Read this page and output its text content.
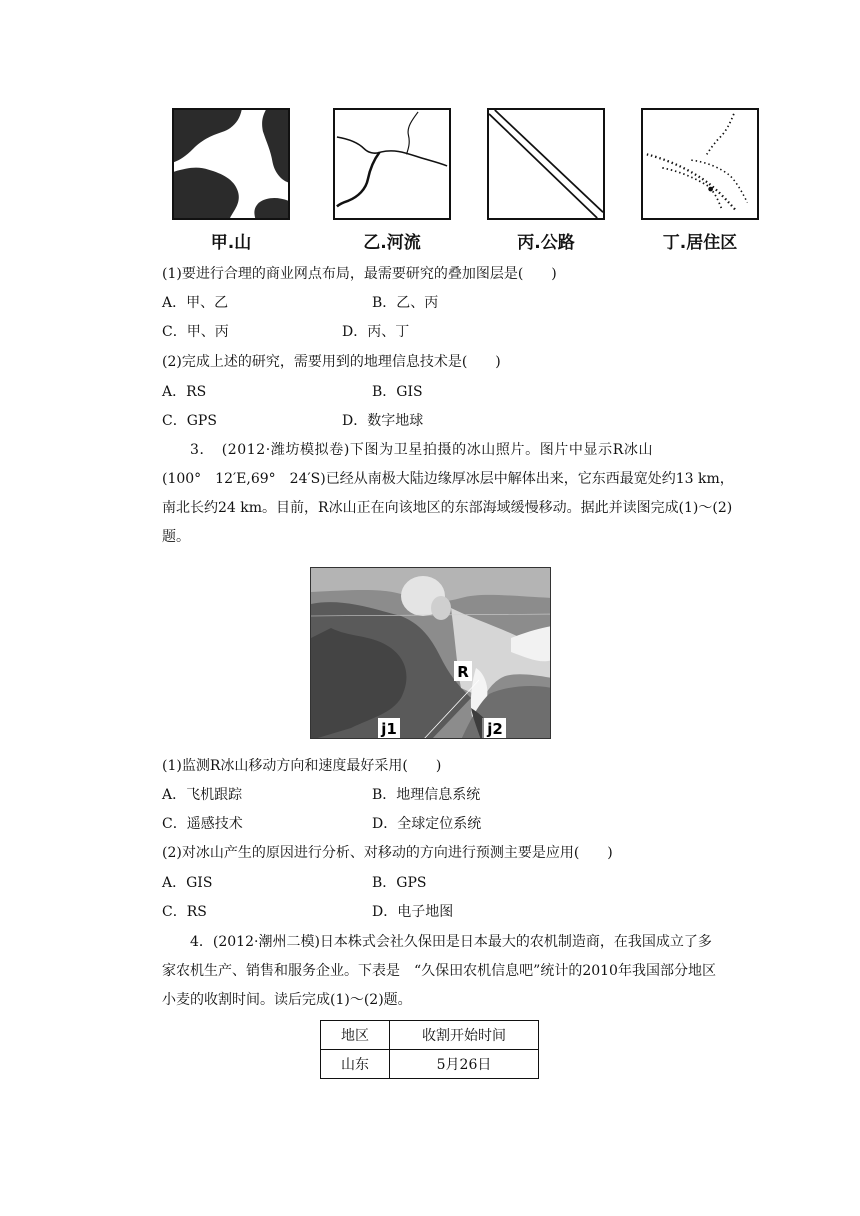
甲.山	乙.河流	丙.公路	丁.居住区
(1)要进行合理的商业网点布局，最需要研究的叠加图层是(　　)
A．甲、乙	B．乙、丙
C．甲、丙	D．丙、丁
(2)完成上述的研究，需要用到的地理信息技术是(　　)
A．RS	B．GIS
C．GPS	D．数字地球
3．　(2012·潍坊模拟卷)下图为卫星拍摄的冰山照片。图片中显示R冰山
(100°　12′E,69°　24′S)已经从南极大陆边缘厚冰层中解体出来，它东西最宽处约13 km，
南北长约24 km。目前，R冰山正在向该地区的东部海域缓慢移动。据此并读图完成(1)～(2)
题。
R
j1	j2
(1)监测R冰山移动方向和速度最好采用(　　)
A．飞机跟踪	B．地理信息系统
C．遥感技术	D．全球定位系统
(2)对冰山产生的原因进行分析、对移动的方向进行预测主要是应用(　　)
A．GIS	B．GPS
C．RS	D．电子地图
4．(2012·潮州二模)日本株式会社久保田是日本最大的农机制造商，在我国成立了多
家农机生产、销售和服务企业。下表是　“久保田农机信息吧”统计的2010年我国部分地区
小麦的收割时间。读后完成(1)～(2)题。
地区	收割开始时间
山东	5月26日
